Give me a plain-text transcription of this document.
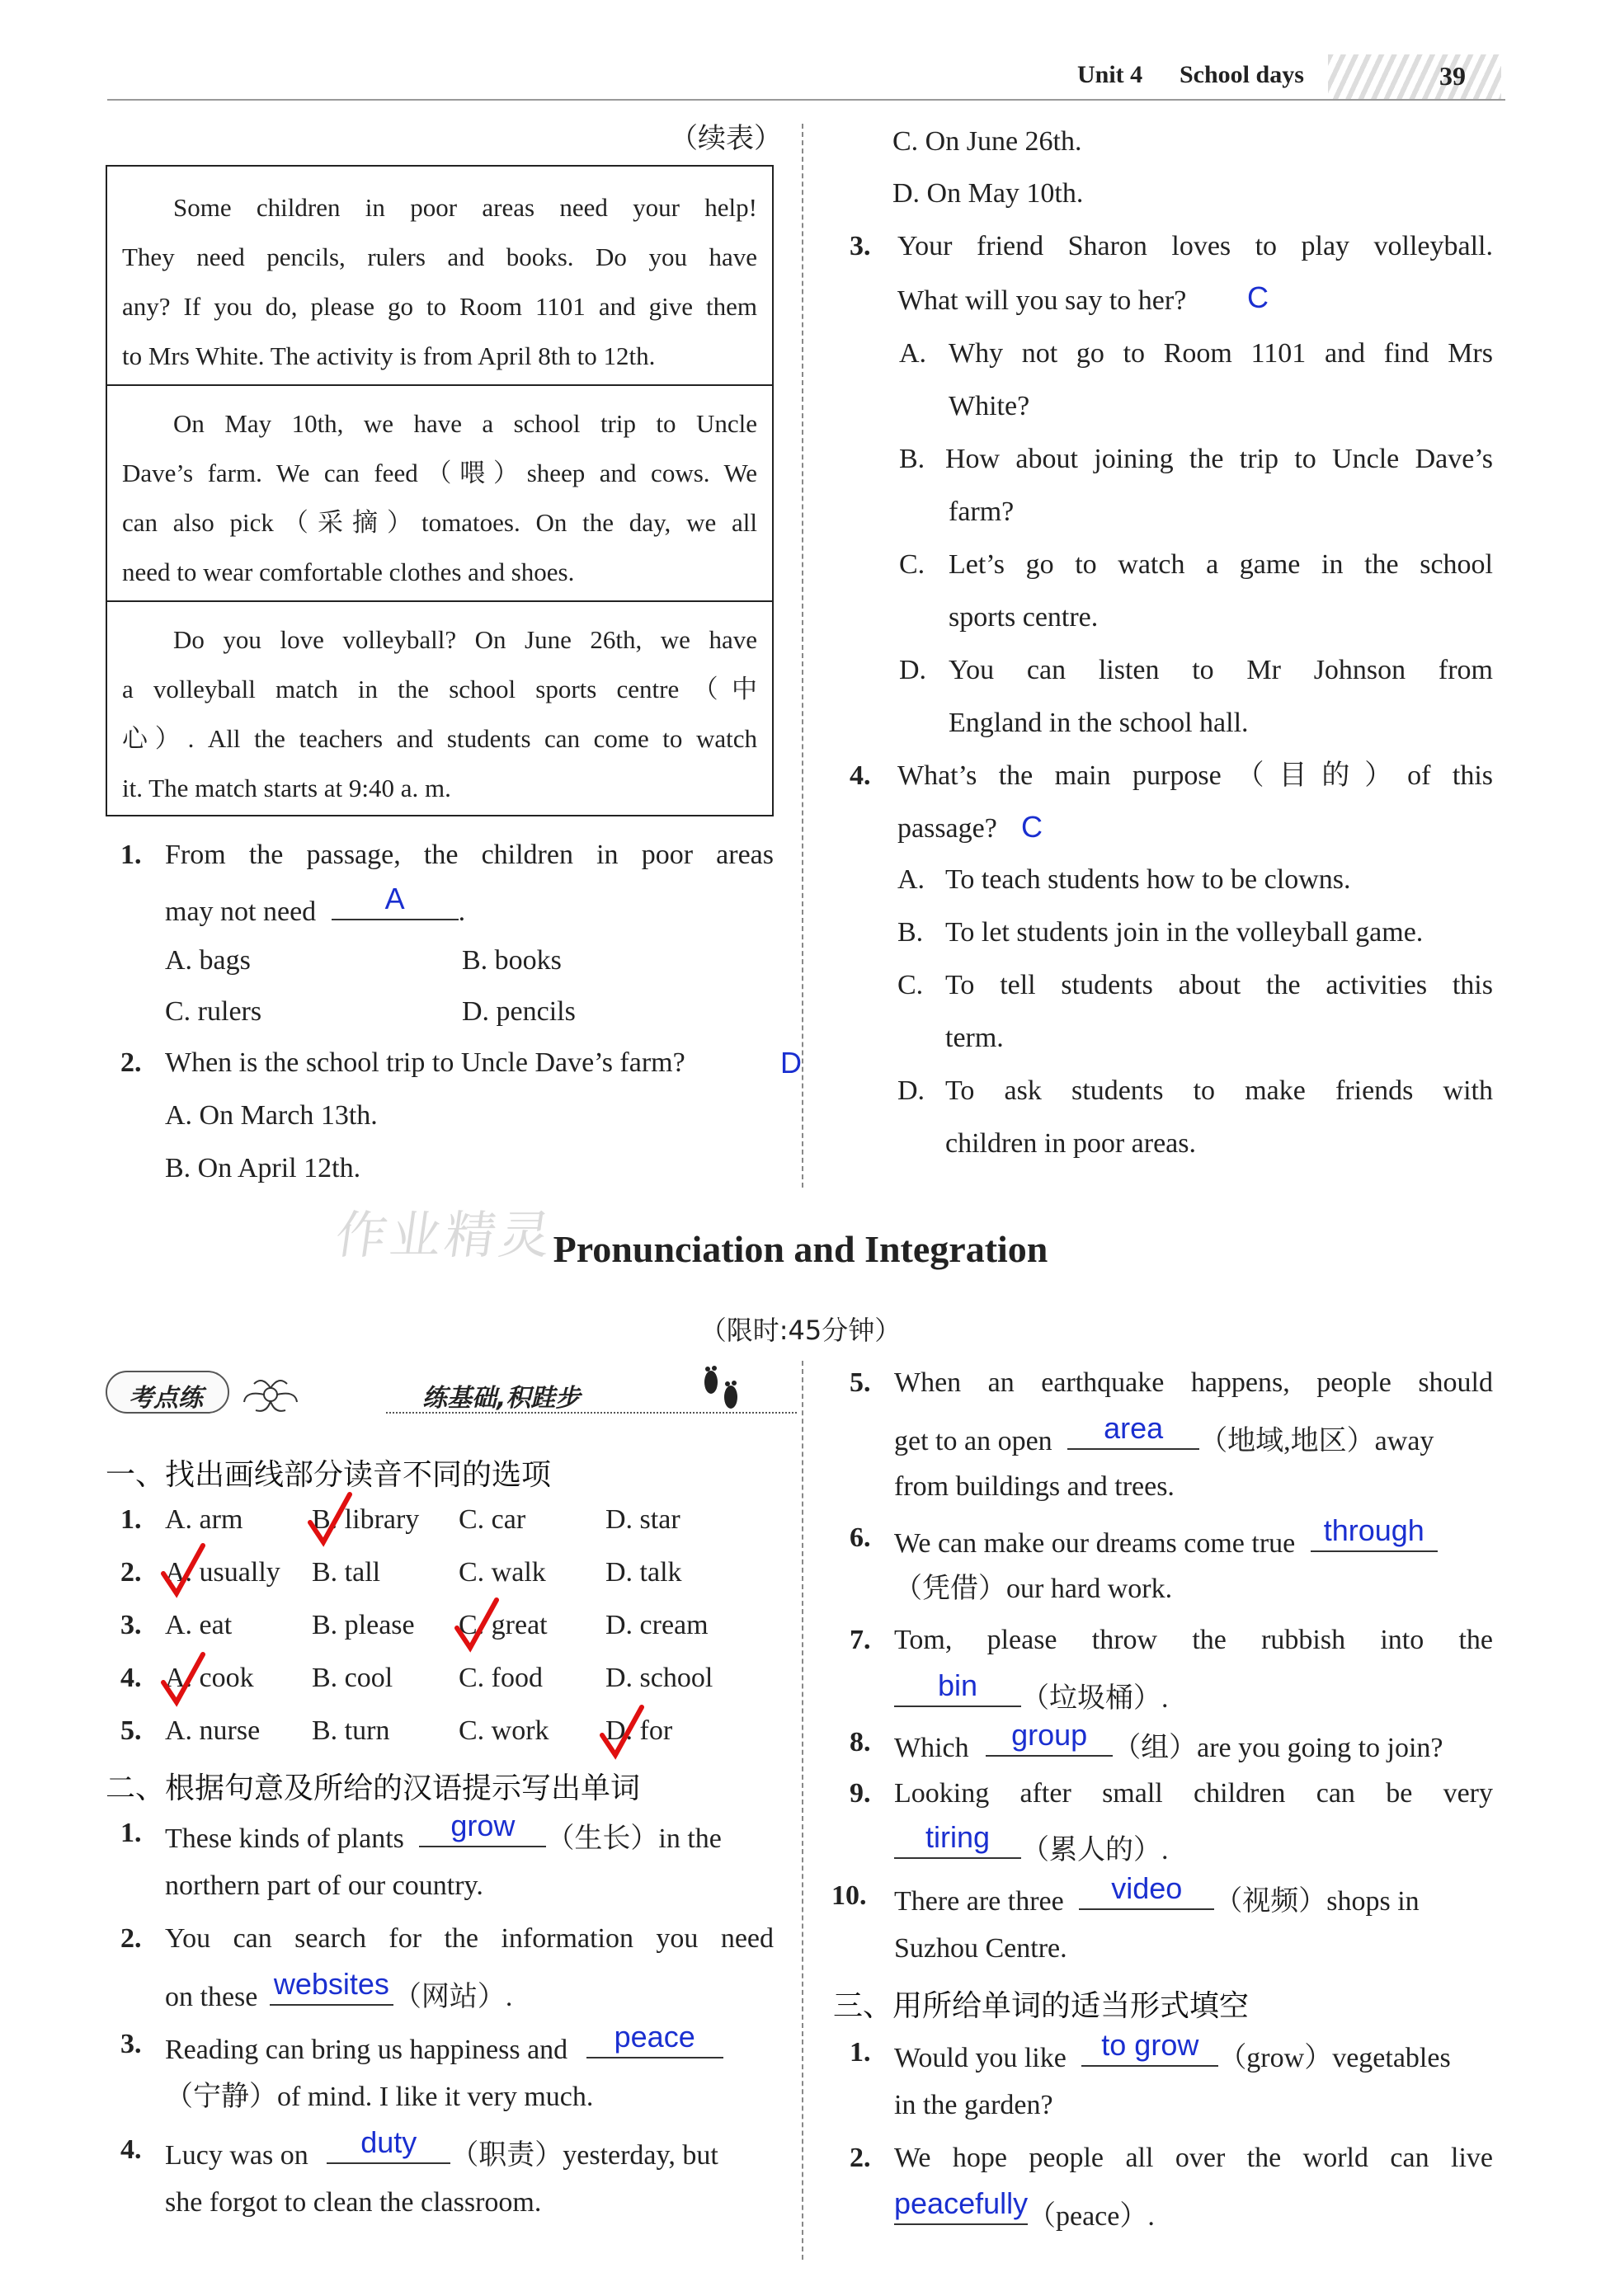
Unit 4 School days	39
（续表）
Some children in poor areas need your help!
They need pencils, rulers and books. Do you have
any? If you do, please go to Room 1101 and give them
to Mrs White. The activity is from April 8th to 12th.
On May 10th, we have a school trip to Uncle
Dave’s farm. We can feed（喂）sheep and cows. We
can also pick（采摘）tomatoes. On the day, we all
need to wear comfortable clothes and shoes.
Do you love volleyball? On June 26th, we have
a volleyball match in the school sports centre（中
心）. All the teachers and students can come to watch
it. The match starts at 9:40 a. m.
1. From the passage, the children in poor areas
may not need	A	.
A. bags	B. books
C. rulers	D. pencils
2. When is the school trip to Uncle Dave’s farm?	D
A. On March 13th.
B. On April 12th.
C. On June 26th.
D. On May 10th.
3. Your friend Sharon loves to play volleyball.
What will you say to her? C
A. Why not go to Room 1101 and find Mrs
White?
B. How about joining the trip to Uncle Dave’s
farm?
C. Let’s go to watch a game in the school
sports centre.
D. You can listen to Mr Johnson from
England in the school hall.
4. What’s the main purpose（目的）of this
passage? C
A. To teach students how to be clowns.
B. To let students join in the volleyball game.
C. To tell students about the activities this
term.
D. To ask students to make friends with
children in poor areas.
作业精灵
Pronunciation and Integration
（限时:45分钟）
考点练	练基础,积跬步
一、找出画线部分读音不同的选项
1. A. arm B. library C. car	D. star
2. A. usually B. tall	C. walk D. talk
3. A. eat	B. please C. great D. cream
4. A. cook B. cool C. food D. school
5. A. nurse B. turn C. work D. for
二、根据句意及所给的汉语提示写出单词
1. These kinds of plants	grow	（生长）in the
northern part of our country.
2. You can search for the information you need
on these websites （网站）.
3. Reading can bring us happiness and	peace
（宁静）of mind. I like it very much.
4. Lucy was on	duty	（职责）yesterday, but
she forgot to clean the classroom.
5. When an earthquake happens, people should
get to an open	area	（地域,地区）away
from buildings and trees.
6. We can make our dreams come true through
（凭借）our hard work.
7. Tom, please throw the rubbish into the
bin	（垃圾桶）.
8. Which	group （组）are you going to join?
9. Looking after small children can be very
tiring	（累人的）.
10. There are three	video	（视频）shops in
Suzhou Centre.
三、用所给单词的适当形式填空
1. Would you like	to grow （grow）vegetables
in the garden?
2. We hope people all over the world can live
peacefully （peace）.
